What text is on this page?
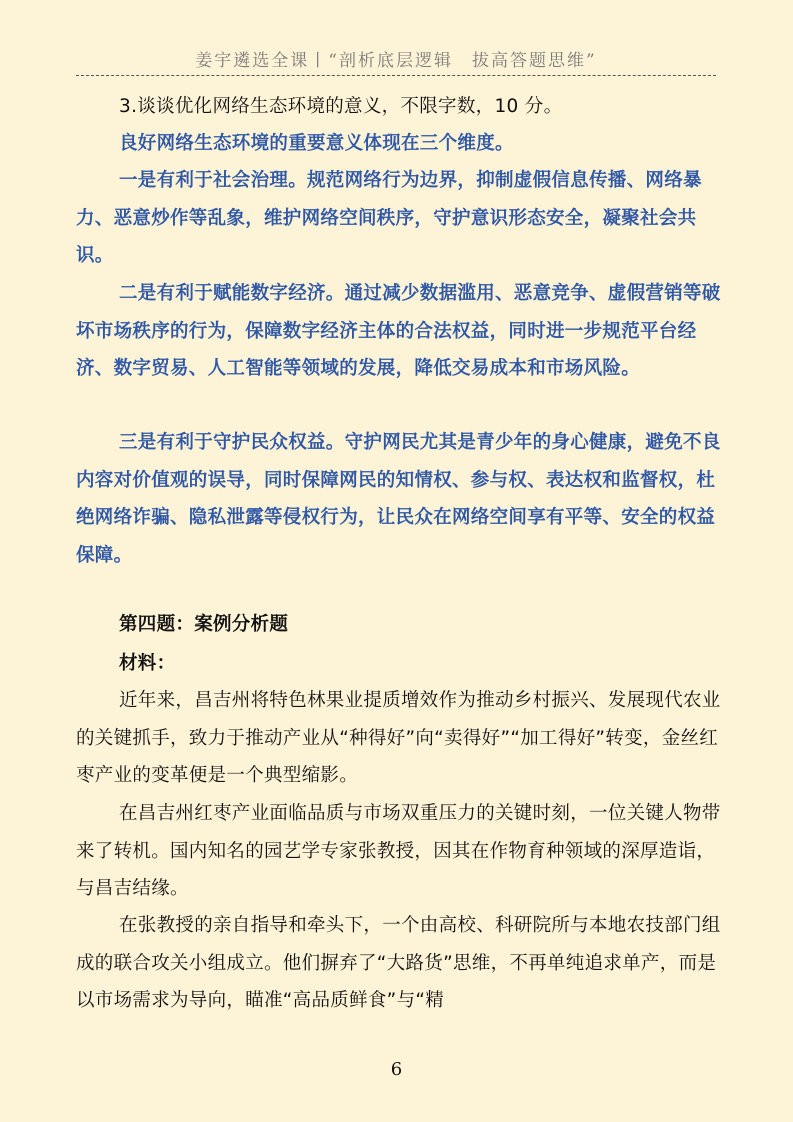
姜宇遴选全课丨“剖析底层逻辑　拔高答题思维”

3.谈谈优化网络生态环境的意义，不限字数，10 分。

良好网络生态环境的重要意义体现在三个维度。

一是有利于社会治理。规范网络行为边界，抑制虚假信息传播、网络暴力、恶意炒作等乱象，维护网络空间秩序，守护意识形态安全，凝聚社会共识。

二是有利于赋能数字经济。通过减少数据滥用、恶意竞争、虚假营销等破坏市场秩序的行为，保障数字经济主体的合法权益，同时进一步规范平台经济、数字贸易、人工智能等领域的发展，降低交易成本和市场风险。

三是有利于守护民众权益。守护网民尤其是青少年的身心健康，避免不良内容对价值观的误导，同时保障网民的知情权、参与权、表达权和监督权，杜绝网络诈骗、隐私泄露等侵权行为，让民众在网络空间享有平等、安全的权益保障。

第四题：案例分析题

材料：

近年来，昌吉州将特色林果业提质增效作为推动乡村振兴、发展现代农业的关键抓手，致力于推动产业从“种得好”向“卖得好”“加工得好”转变，金丝红枣产业的变革便是一个典型缩影。

在昌吉州红枣产业面临品质与市场双重压力的关键时刻，一位关键人物带来了转机。国内知名的园艺学专家张教授，因其在作物育种领域的深厚造诣，与昌吉结缘。

在张教授的亲自指导和牵头下，一个由高校、科研院所与本地农技部门组成的联合攻关小组成立。他们摒弃了“大路货”思维，不再单纯追求单产，而是以市场需求为导向，瞄准“高品质鲜食”与“精

6
